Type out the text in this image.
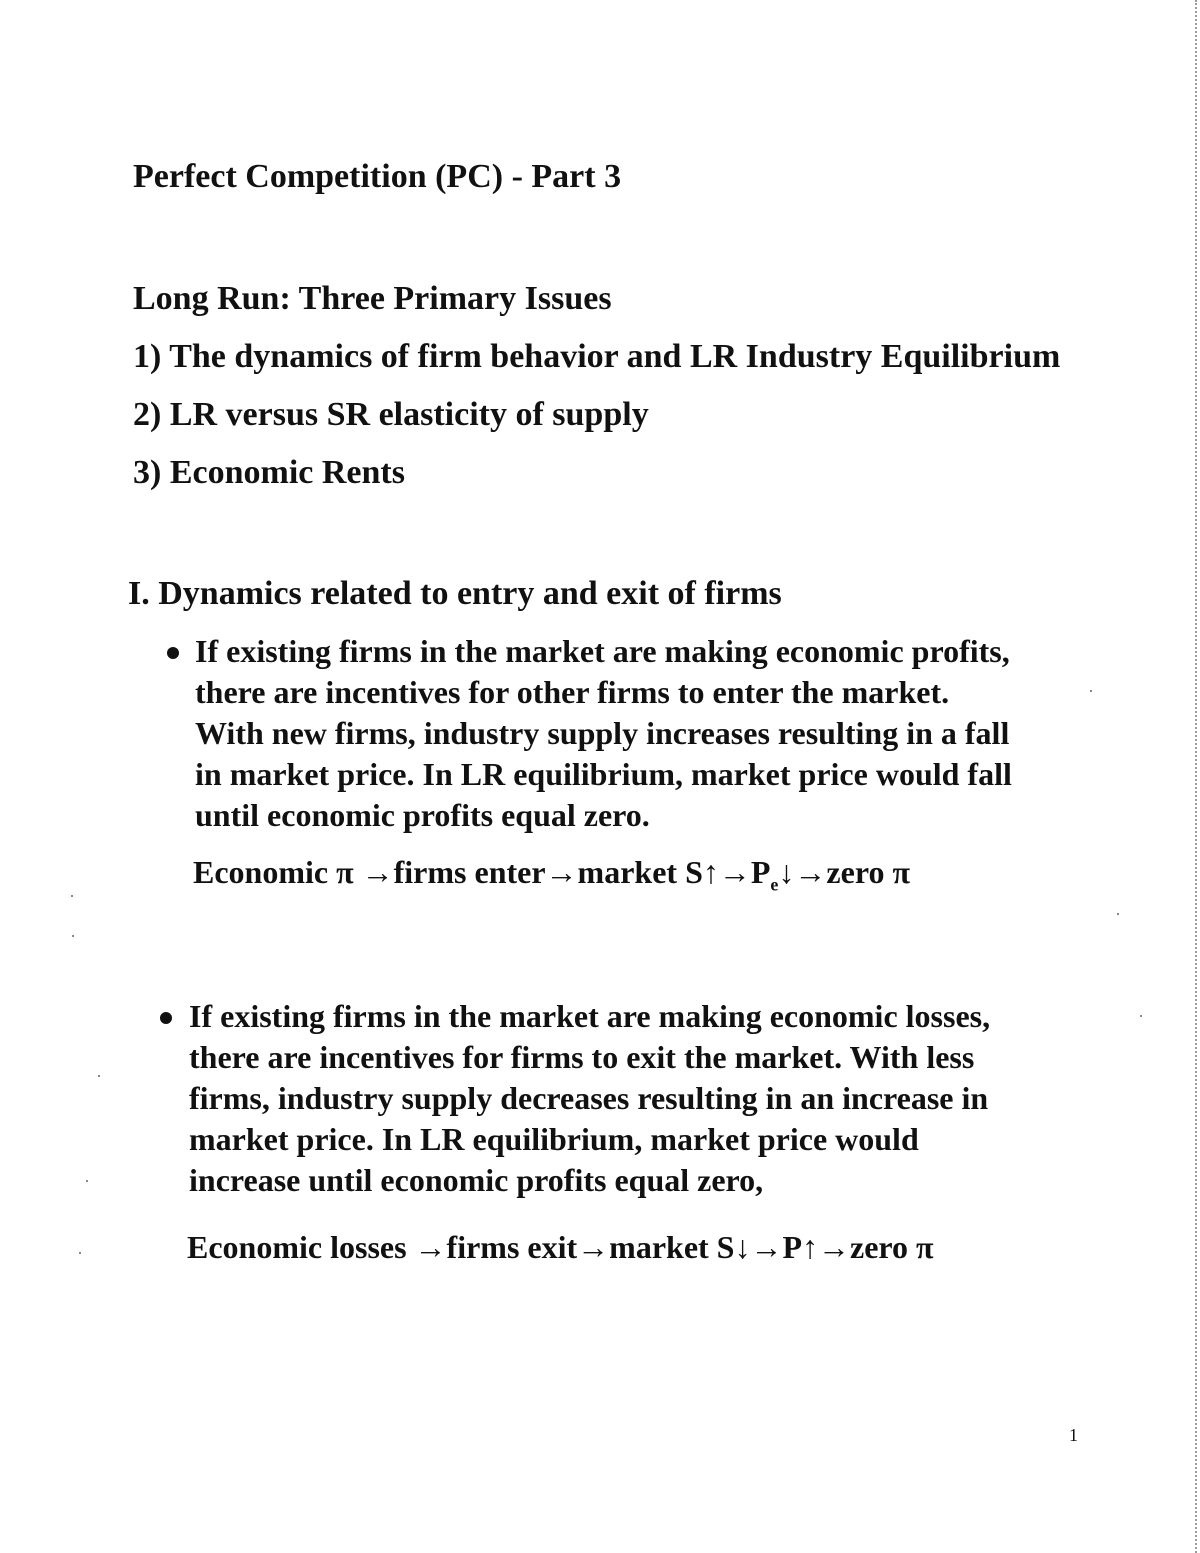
Perfect Competition (PC) - Part 3
Long Run: Three Primary Issues
1) The dynamics of firm behavior and LR Industry Equilibrium
2) LR versus SR elasticity of supply
3) Economic Rents
I. Dynamics related to entry and exit of firms
If existing firms in the market are making economic profits,
there are incentives for other firms to enter the market.
With new firms, industry supply increases resulting in a fall
in market price. In LR equilibrium, market price would fall
until economic profits equal zero.
Economic π →firms enter→market $S↑\to P_e↓\to zero$ π
If existing firms in the market are making economic losses,
there are incentives for firms to exit the market. With less
firms, industry supply decreases resulting in an increase in
market price. In LR equilibrium, market price would
increase until economic profits equal zero,
Economic losses →firms exit→market S↓→P↑→zero π
1
